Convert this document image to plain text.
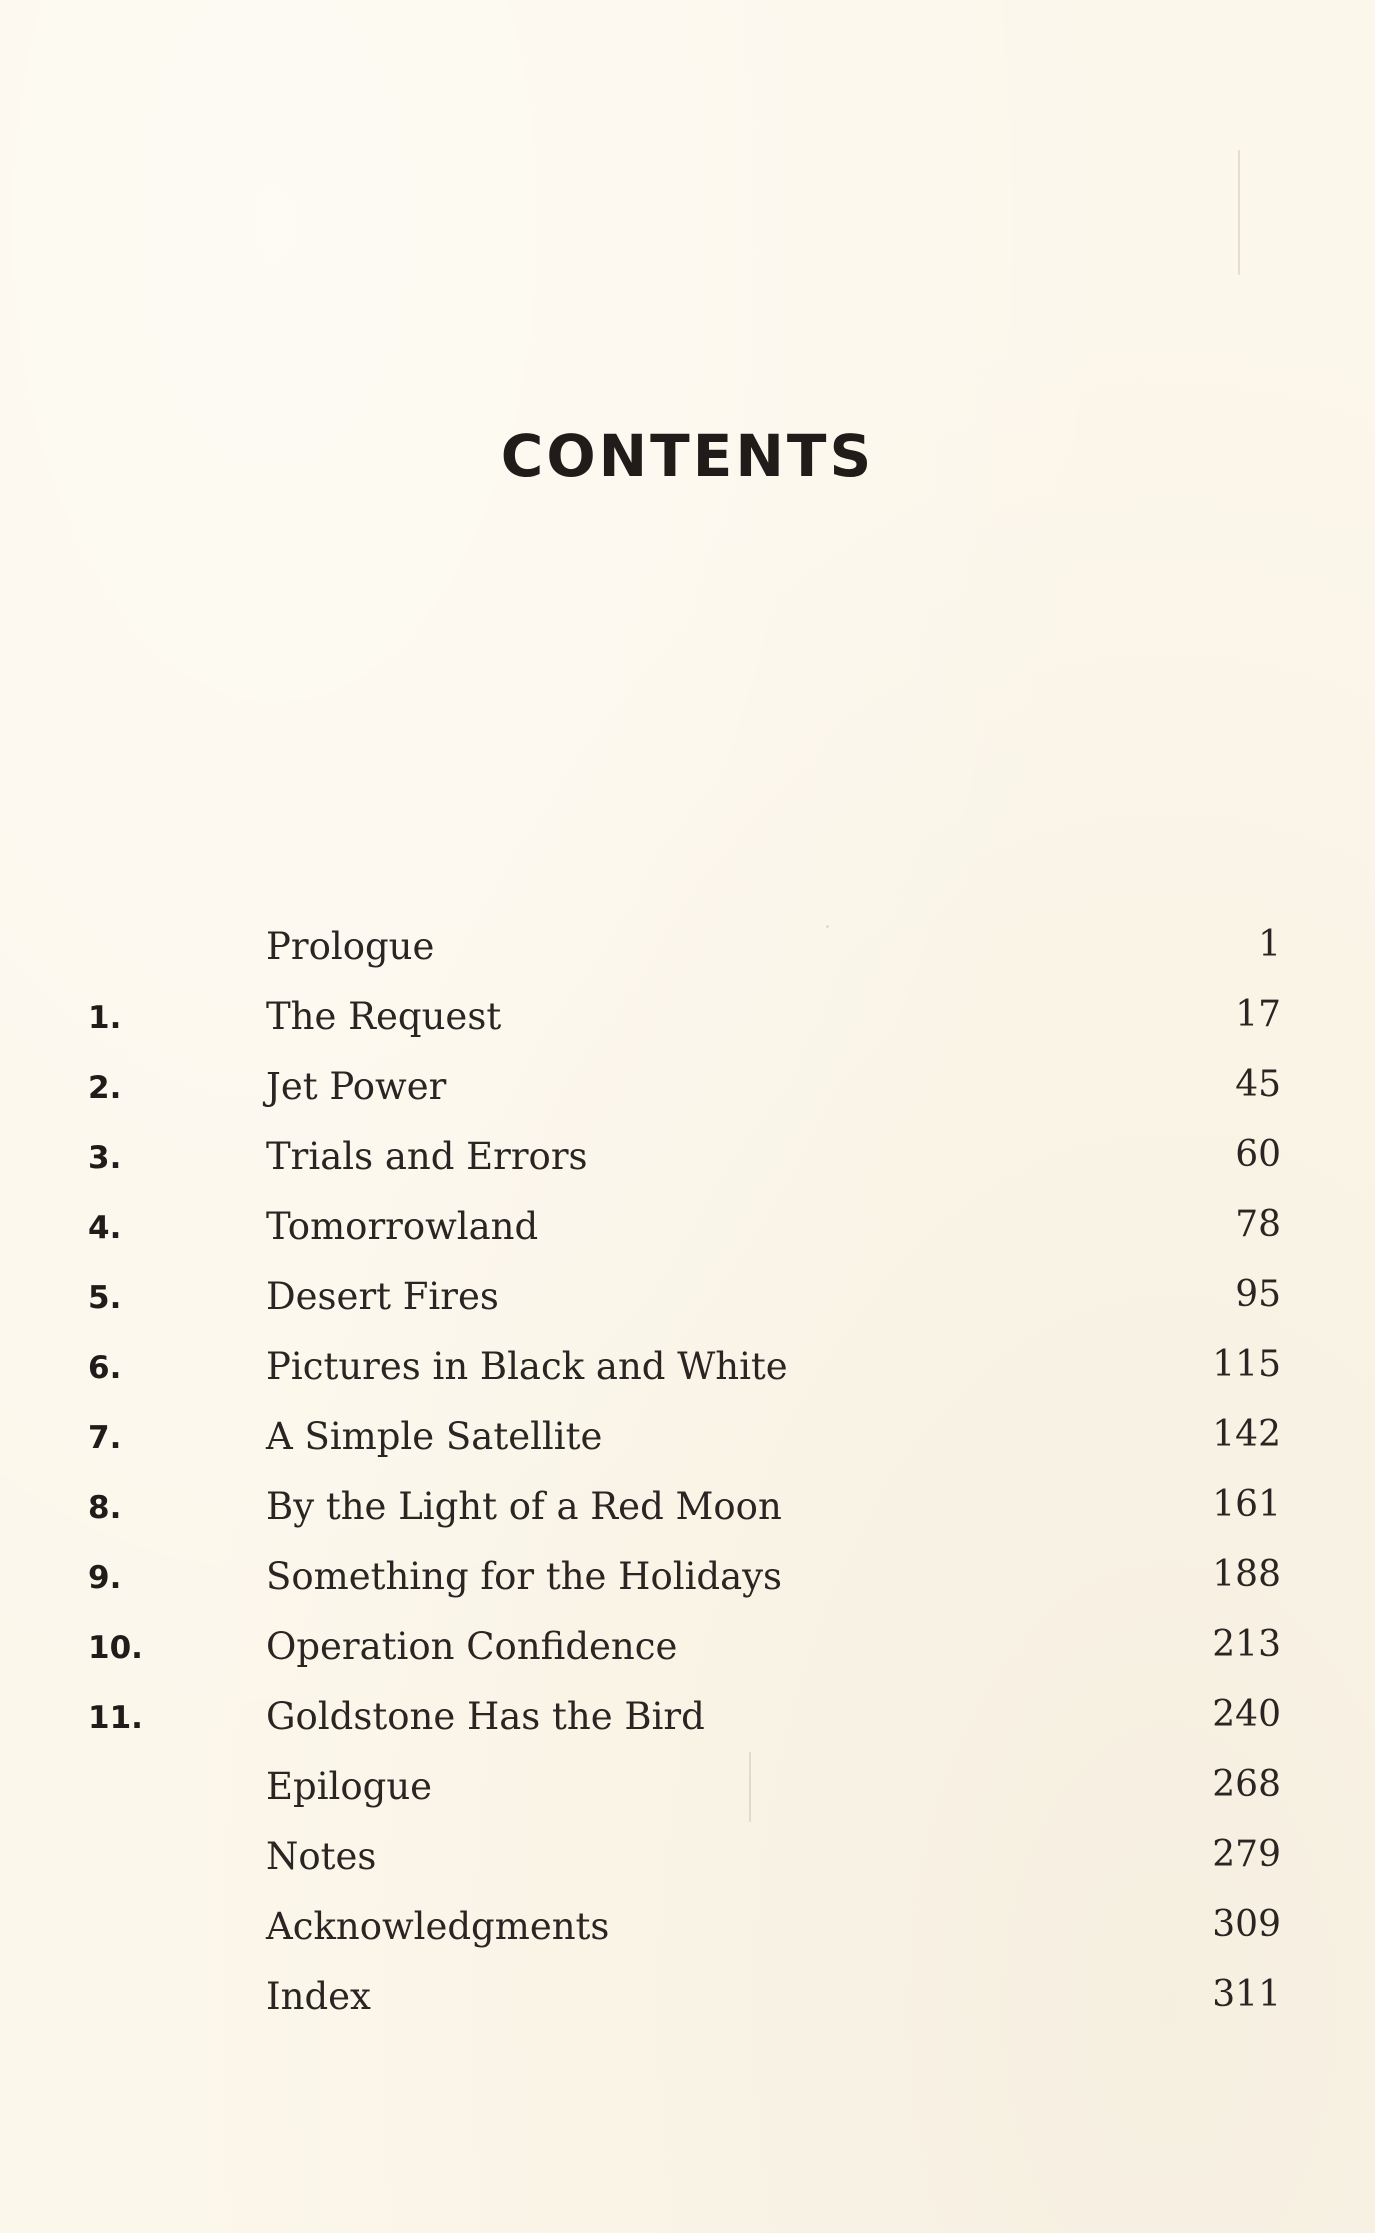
CONTENTS
Prologue	1
1.	The Request	17
2.	Jet Power	45
3.	Trials and Errors	60
4.	Tomorrowland	78
5.	Desert Fires	95
6.	Pictures in Black and White	115
7.	A Simple Satellite	142
8.	By the Light of a Red Moon	161
9.	Something for the Holidays	188
10.	Operation Confidence	213
11.	Goldstone Has the Bird	240
Epilogue	268
Notes	279
Acknowledgments	309
Index	311
